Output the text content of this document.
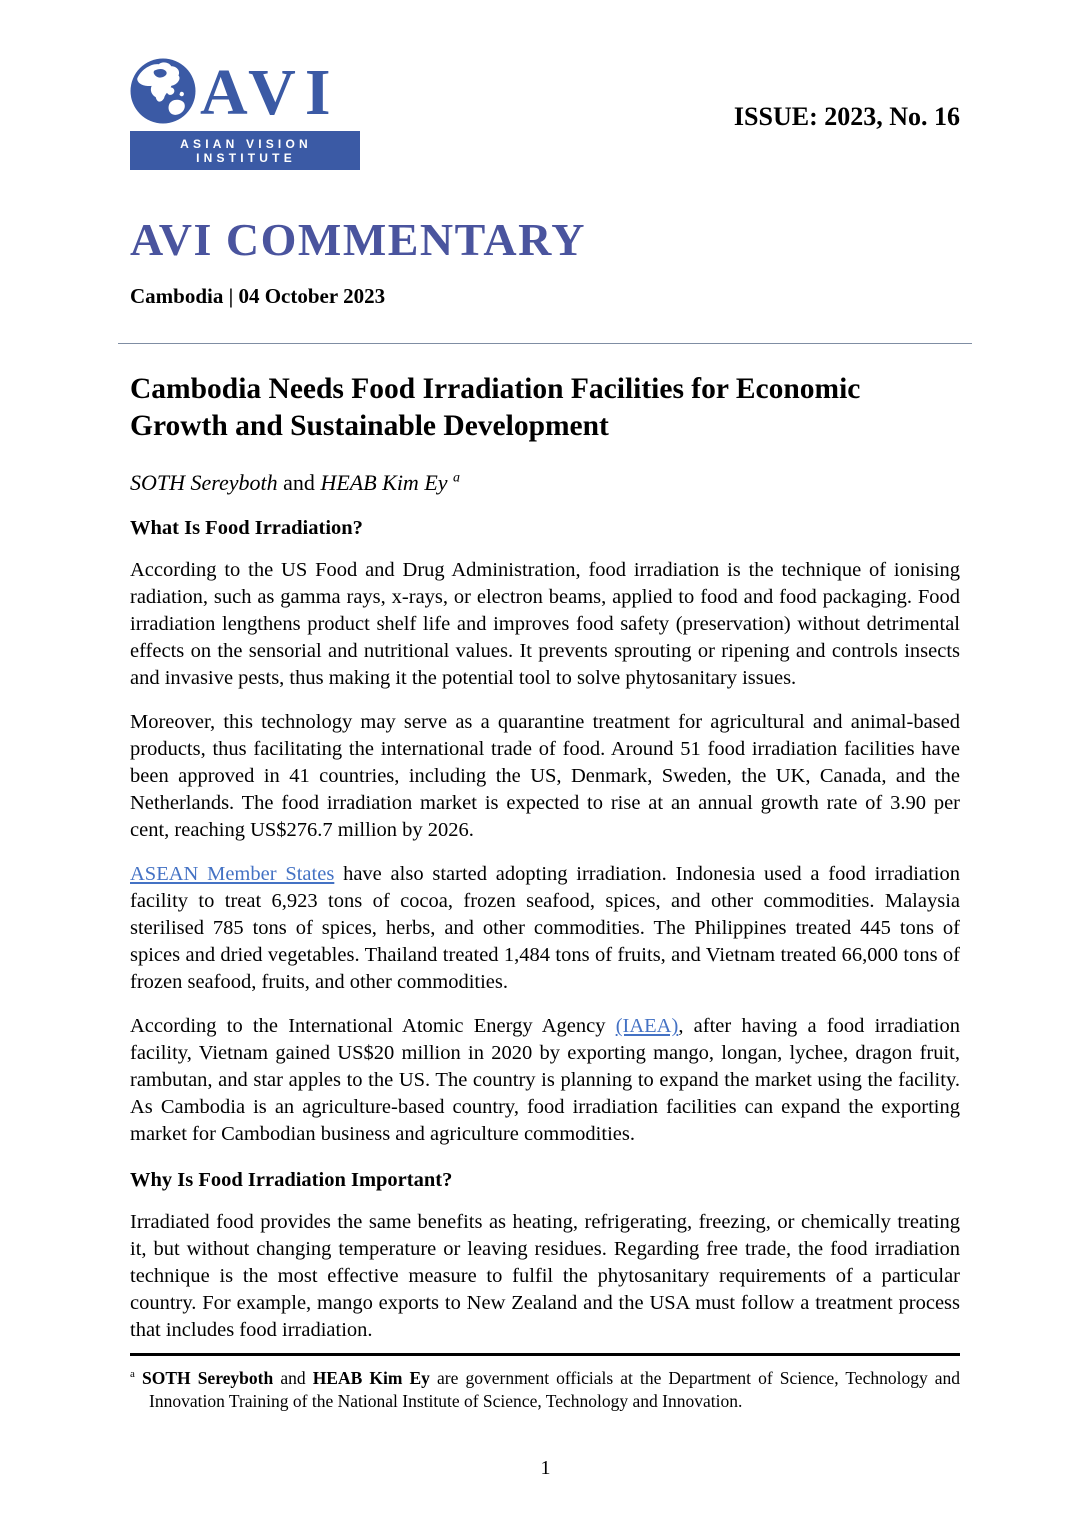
AVI
ASIAN VISION INSTITUTE
ISSUE: 2023, No. 16
AVI COMMENTARY
Cambodia | 04 October 2023
Cambodia Needs Food Irradiation Facilities for Economic Growth and Sustainable Development
SOTH Sereyboth and HEAB Kim Ey $^a$
What Is Food Irradiation?

According to the US Food and Drug Administration, food irradiation is the technique of ionising radiation, such as gamma rays, x-rays, or electron beams, applied to food and food packaging. Food irradiation lengthens product shelf life and improves food safety (preservation) without detrimental effects on the sensorial and nutritional values. It prevents sprouting or ripening and controls insects and invasive pests, thus making it the potential tool to solve phytosanitary issues.

Moreover, this technology may serve as a quarantine treatment for agricultural and animal-based products, thus facilitating the international trade of food. Around 51 food irradiation facilities have been approved in 41 countries, including the US, Denmark, Sweden, the UK, Canada, and the Netherlands. The food irradiation market is expected to rise at an annual growth rate of 3.90 per cent, reaching US$276.7 million by 2026.

ASEAN Member States have also started adopting irradiation. Indonesia used a food irradiation facility to treat 6,923 tons of cocoa, frozen seafood, spices, and other commodities. Malaysia sterilised 785 tons of spices, herbs, and other commodities. The Philippines treated 445 tons of spices and dried vegetables. Thailand treated 1,484 tons of fruits, and Vietnam treated 66,000 tons of frozen seafood, fruits, and other commodities.

According to the International Atomic Energy Agency (IAEA), after having a food irradiation facility, Vietnam gained US$20 million in 2020 by exporting mango, longan, lychee, dragon fruit, rambutan, and star apples to the US. The country is planning to expand the market using the facility. As Cambodia is an agriculture-based country, food irradiation facilities can expand the exporting market for Cambodian business and agriculture commodities.

Why Is Food Irradiation Important?

Irradiated food provides the same benefits as heating, refrigerating, freezing, or chemically treating it, but without changing temperature or leaving residues. Regarding free trade, the food irradiation technique is the most effective measure to fulfil the phytosanitary requirements of a particular country. For example, mango exports to New Zealand and the USA must follow a treatment process that includes food irradiation.

$^a$ SOTH Sereyboth and HEAB Kim Ey are government officials at the Department of Science, Technology and Innovation Training of the National Institute of Science, Technology and Innovation.
1
